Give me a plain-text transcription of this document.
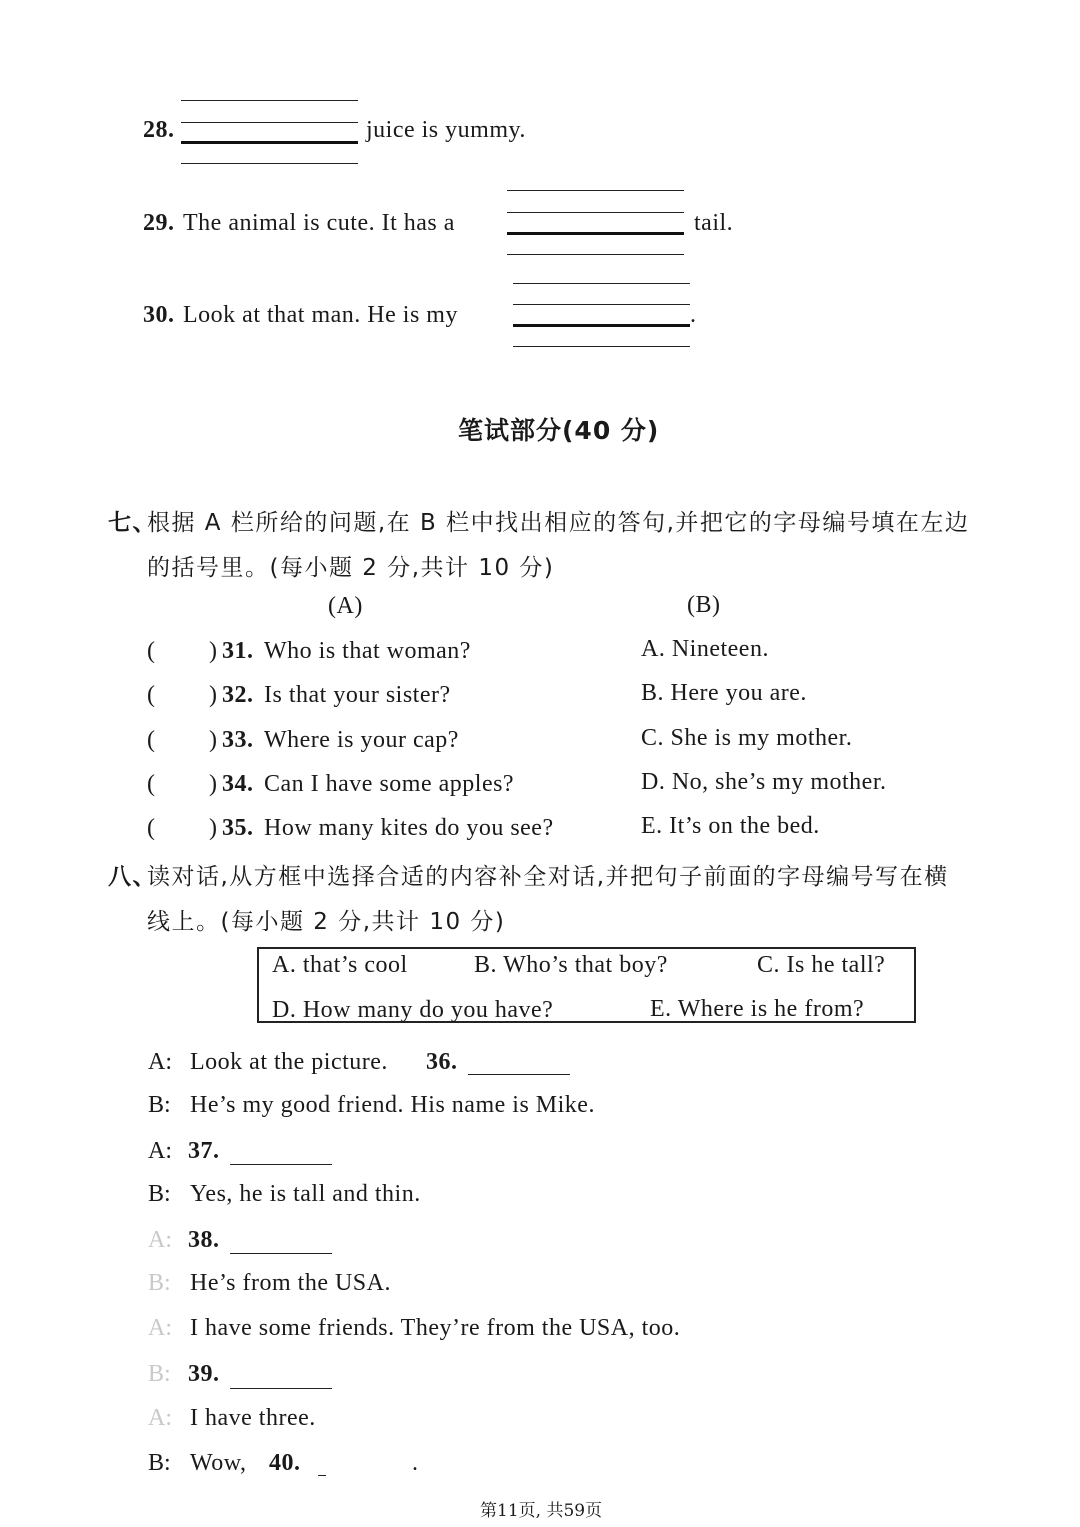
28.	juice is yummy.
29. The animal is cute. It has a	tail.
30. Look at that man. He is my	.
笔试部分(40 分)
七、
根据 A 栏所给的问题,在 B 栏中找出相应的答句,并把它的字母编号填在左边
的括号里。(每小题 2 分,共计 10 分)
(A)	(B)
( ) 31. Who is that woman?	A. Nineteen.
( ) 32. Is that your sister?	B. Here you are.
( ) 33. Where is your cap?	C. She is my mother.
( ) 34. Can I have some apples?	D. No, she’s my mother.
( ) 35. How many kites do you see?	E. It’s on the bed.
八、
读对话,从方框中选择合适的内容补全对话,并把句子前面的字母编号写在横
线上。(每小题 2 分,共计 10 分)
A. that’s cool	B. Who’s that boy?	C. Is he tall?
D. How many do you have?	E. Where is he from?
A: Look at the picture. 36.
B: He’s my good friend. His name is Mike.
A: 37.
B: Yes, he is tall and thin.
A: 38.
B: He’s from the USA.
A: I have some friends. They’re from the USA, too.
B: 39.
A: I have three.
B: Wow, 40.	.
第11页, 共59页
